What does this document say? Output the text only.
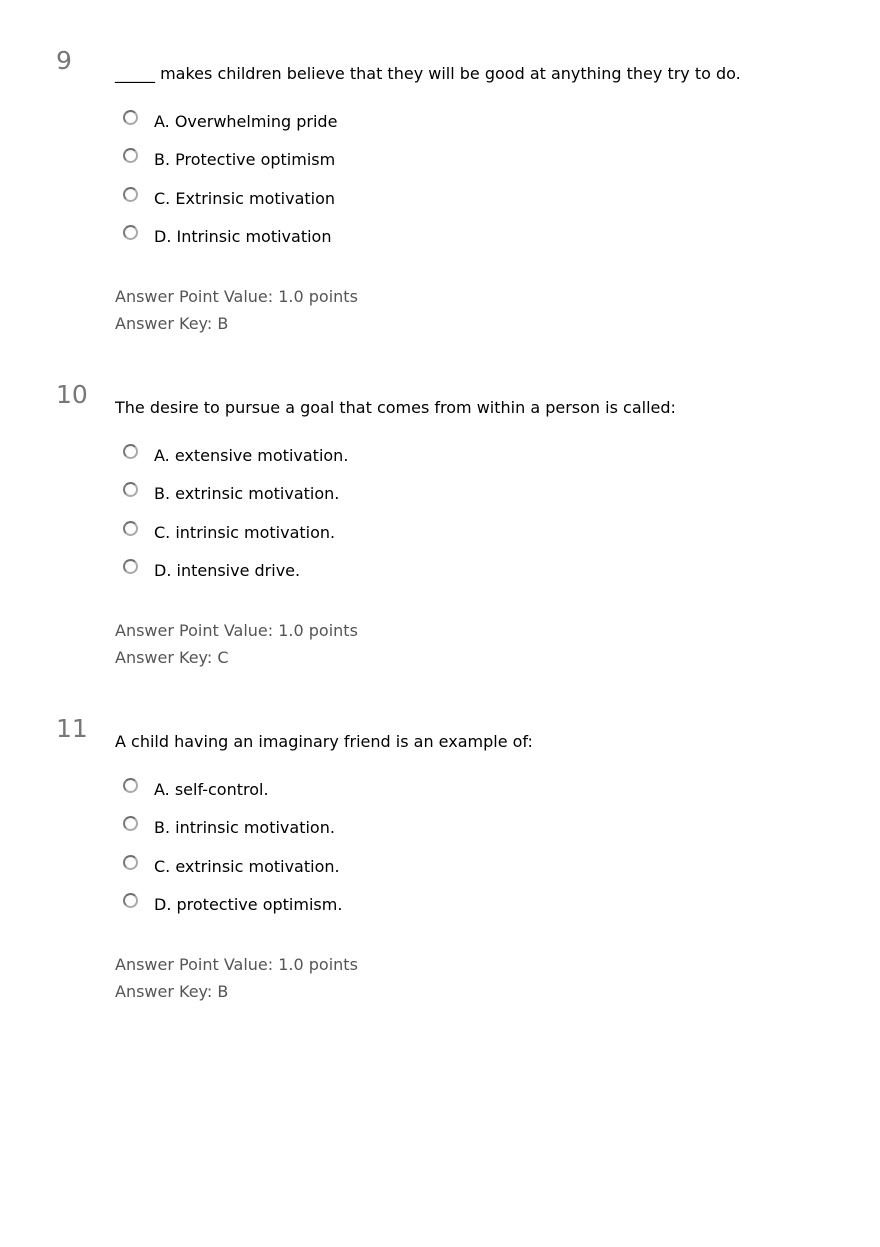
9	_____ makes children believe that they will be good at anything they try to do.
A. Overwhelming pride
B. Protective optimism
C. Extrinsic motivation
D. Intrinsic motivation
Answer Point Value: 1.0 points
Answer Key: B
10 The desire to pursue a goal that comes from within a person is called:
A. extensive motivation.
B. extrinsic motivation.
C. intrinsic motivation.
D. intensive drive.
Answer Point Value: 1.0 points
Answer Key: C
11 A child having an imaginary friend is an example of:
A. self-control.
B. intrinsic motivation.
C. extrinsic motivation.
D. protective optimism.
Answer Point Value: 1.0 points
Answer Key: B
